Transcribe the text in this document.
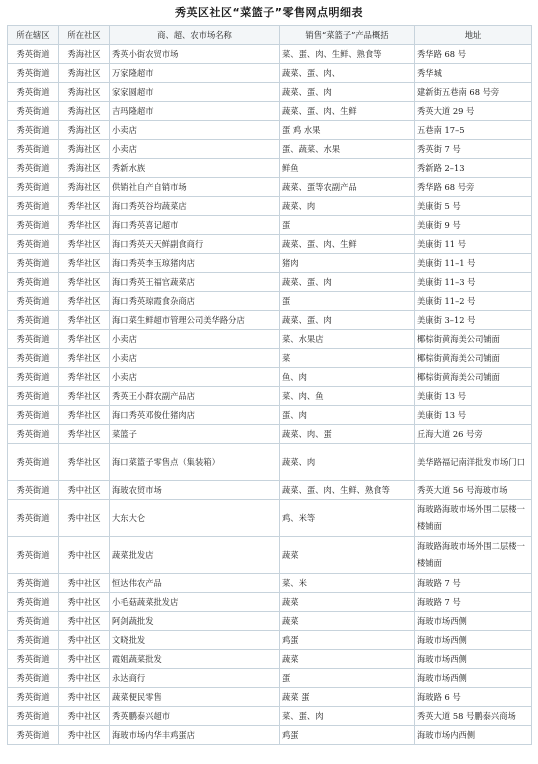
秀英区社区“菜篮子”零售网点明细表
所在辖区	所在社区	商、超、农市场名称	销售“菜篮子”产品概括	地址
秀英街道	秀海社区	秀英小街农贸市场	菜、蛋、肉、生鲜、熟食等	秀华路 68 号
秀英街道	秀海社区	万家隆超市	蔬菜、蛋、肉、	秀华城
秀英街道	秀海社区	家家圆超市	蔬菜、蛋、肉	建新街五巷南 68 号旁
秀英街道	秀海社区	吉玛隆超市	蔬菜、蛋、肉、生鲜	秀英大道 29 号
秀英街道	秀海社区	小卖店	蛋 鸡 水果	五巷南 17–5
秀英街道	秀海社区	小卖店	蛋、蔬菜、水果	秀英街 7 号
秀英街道	秀海社区	秀新水族	鲜鱼	秀新路 2–13
秀英街道	秀海社区	供销社自产自销市场	蔬菜、蛋等农副产品	秀华路 68 号旁
秀英街道	秀华社区	海口秀英谷均蔬菜店	蔬菜、肉	美康街 5 号
秀英街道	秀华社区	海口秀英喜记超市	蛋	美康街 9 号
秀英街道	秀华社区	海口秀英天天鲜副食商行	蔬菜、蛋、肉、生鲜	美康街 11 号
秀英街道	秀华社区	海口秀英李玉琼猪肉店	猪肉	美康街 11–1 号
秀英街道	秀华社区	海口秀英王福官蔬菜店	蔬菜、蛋、肉	美康街 11–3 号
秀英街道	秀华社区	海口秀英琼霞食杂商店	蛋	美康街 11–2 号
秀英街道	秀华社区	海口菜生鲜超市管理公司美华路分店	蔬菜、蛋、肉	美康街 3–12 号
秀英街道	秀华社区	小卖店	菜、水果店	椰棕街黄海美公司铺面
秀英街道	秀华社区	小卖店	菜	椰棕街黄海美公司铺面
秀英街道	秀华社区	小卖店	鱼、肉	椰棕街黄海美公司铺面
秀英街道	秀华社区	秀英王小群农副产品店	菜、肉、鱼	美康街 13 号
秀英街道	秀华社区	海口秀英邓俊仕猪肉店	蛋、肉	美康街 13 号
秀英街道	秀华社区	菜篮子	蔬菜、肉、蛋	丘海大道 26 号旁
秀英街道	秀华社区	海口菜篮子零售点（集装箱）	蔬菜、肉	美华路福记南洋批发市场门口
秀英街道	秀中社区	海玻农贸市场	蔬菜、蛋、肉、生鲜、熟食等	秀英大道 56 号海玻市场
秀英街道	秀中社区	大东大仑	鸡、米等	海玻路海玻市场外围二层楼一楼铺面
秀英街道	秀中社区	蔬菜批发店	蔬菜	海玻路海玻市场外围二层楼一楼铺面
秀英街道	秀中社区	恒达伟农产品	菜、米	海玻路 7 号
秀英街道	秀中社区	小毛菇蔬菜批发店	蔬菜	海玻路 7 号
秀英街道	秀中社区	阿剑蔬批发	蔬菜	海玻市场西侧
秀英街道	秀中社区	文晓批发	鸡蛋	海玻市场西侧
秀英街道	秀中社区	霞姐蔬菜批发	蔬菜	海玻市场西侧
秀英街道	秀中社区	永达商行	蛋	海玻市场西侧
秀英街道	秀中社区	蔬菜便民零售	蔬菜 蛋	海玻路 6 号
秀英街道	秀中社区	秀英鹏泰兴超市	菜、蛋、肉	秀英大道 58 号鹏泰兴商场
秀英街道	秀中社区	海玻市场内华丰鸡蛋店	鸡蛋	海玻市场内西侧
